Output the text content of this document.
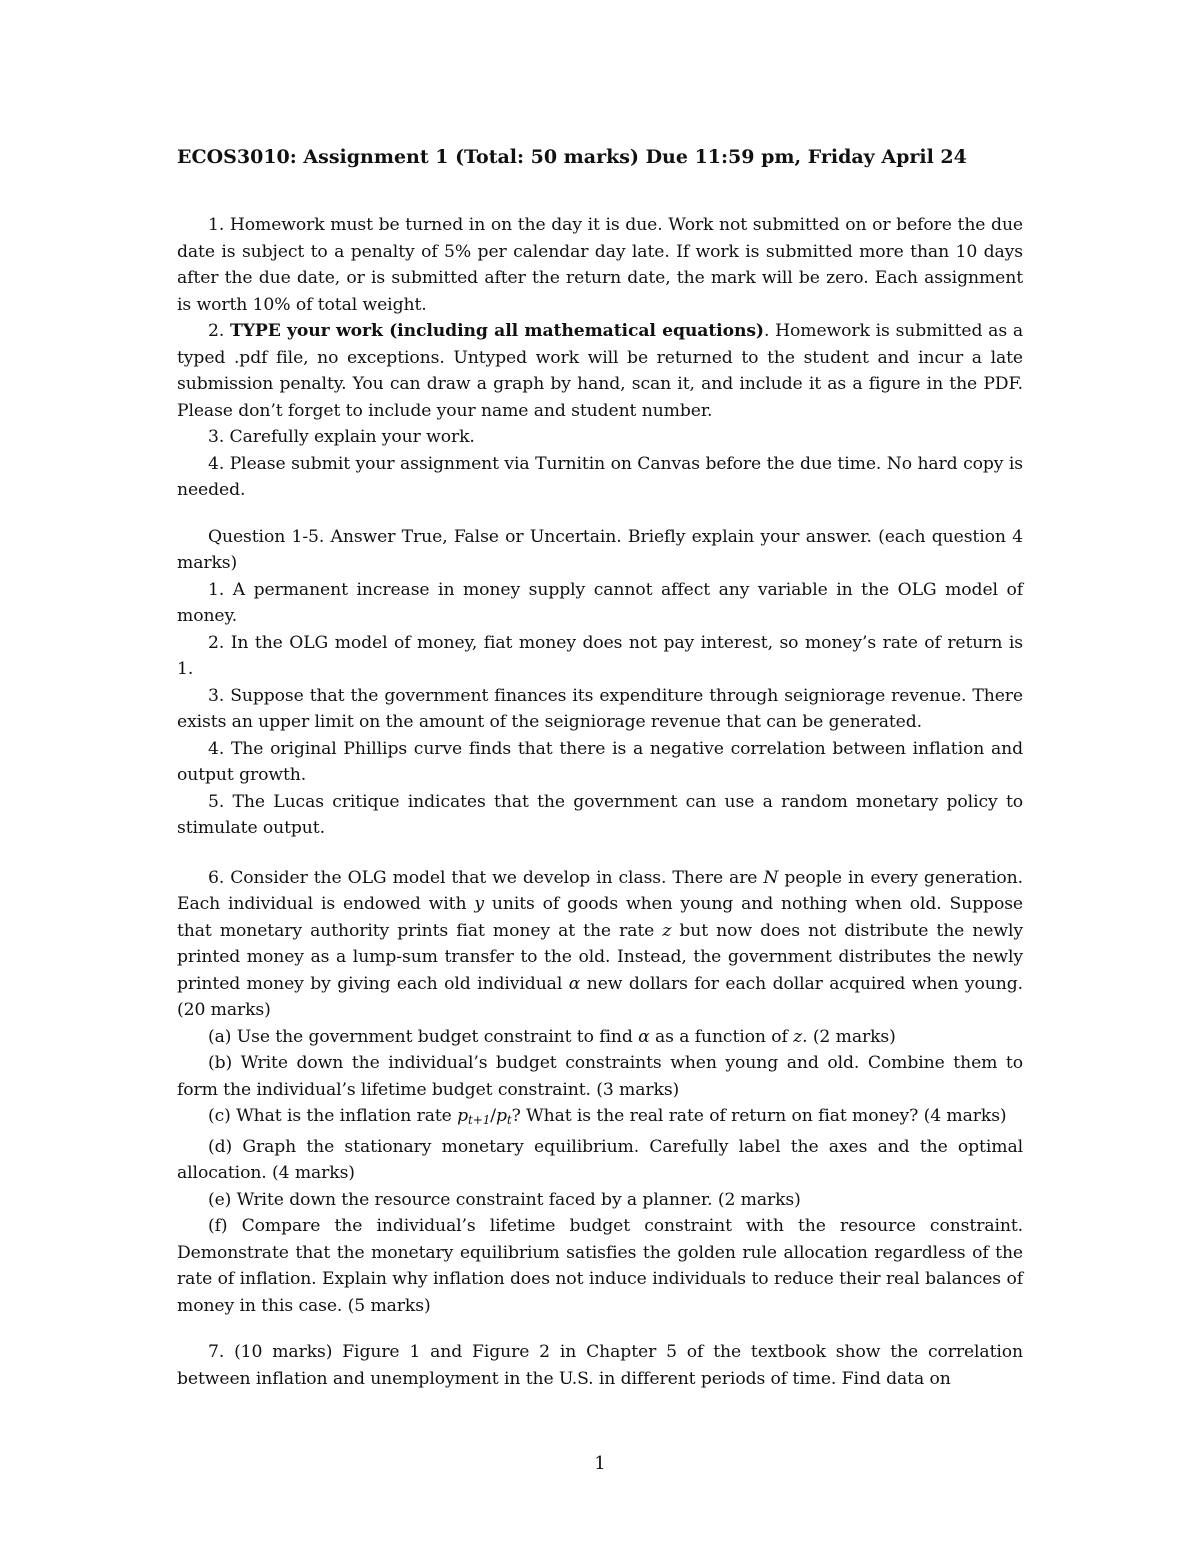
ECOS3010: Assignment 1 (Total: 50 marks) Due 11:59 pm, Friday April 24

1. Homework must be turned in on the day it is due. Work not submitted on or before the due date is subject to a penalty of 5% per calendar day late. If work is submitted more than 10 days after the due date, or is submitted after the return date, the mark will be zero. Each assignment is worth 10% of total weight.

2. TYPE your work (including all mathematical equations). Homework is submitted as a typed .pdf file, no exceptions. Untyped work will be returned to the student and incur a late submission penalty. You can draw a graph by hand, scan it, and include it as a figure in the PDF. Please don’t forget to include your name and student number.

3. Carefully explain your work.

4. Please submit your assignment via Turnitin on Canvas before the due time. No hard copy is needed.

Question 1-5. Answer True, False or Uncertain. Briefly explain your answer. (each question 4 marks)

1. A permanent increase in money supply cannot affect any variable in the OLG model of money.

2. In the OLG model of money, fiat money does not pay interest, so money’s rate of return is 1.

3. Suppose that the government finances its expenditure through seigniorage revenue. There exists an upper limit on the amount of the seigniorage revenue that can be generated.

4. The original Phillips curve finds that there is a negative correlation between inflation and output growth.

5. The Lucas critique indicates that the government can use a random monetary policy to stimulate output.

6. Consider the OLG model that we develop in class. There are N people in every generation. Each individual is endowed with y units of goods when young and nothing when old. Suppose that monetary authority prints fiat money at the rate z but now does not distribute the newly printed money as a lump-sum transfer to the old. Instead, the government distributes the newly printed money by giving each old individual α new dollars for each dollar acquired when young. (20 marks)

(a) Use the government budget constraint to find α as a function of z. (2 marks)

(b) Write down the individual’s budget constraints when young and old. Combine them to form the individual’s lifetime budget constraint. (3 marks)

(c) What is the inflation rate $p_{t+1}/p_t$? What is the real rate of return on fiat money? (4 marks)

(d) Graph the stationary monetary equilibrium. Carefully label the axes and the optimal allocation. (4 marks)

(e) Write down the resource constraint faced by a planner. (2 marks)

(f) Compare the individual’s lifetime budget constraint with the resource constraint. Demonstrate that the monetary equilibrium satisfies the golden rule allocation regardless of the rate of inflation. Explain why inflation does not induce individuals to reduce their real balances of money in this case. (5 marks)

7. (10 marks) Figure 1 and Figure 2 in Chapter 5 of the textbook show the correlation between inflation and unemployment in the U.S. in different periods of time. Find data on

1
